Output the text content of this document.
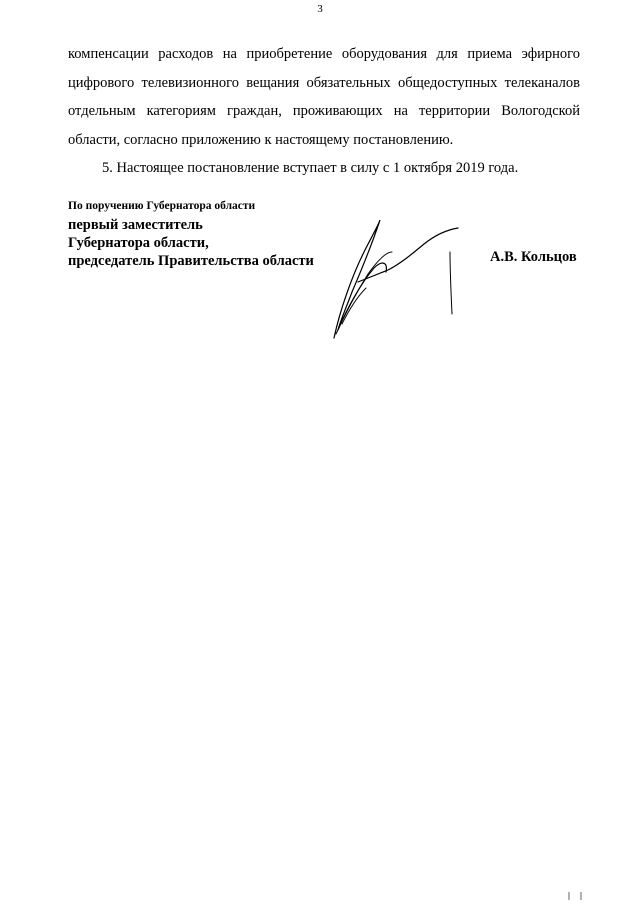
3

компенсации расходов на приобретение оборудования для приема эфирного
цифрового телевизионного вещания обязательных общедоступных телеканалов
отдельным категориям граждан, проживающих на территории Вологодской
области, согласно приложению к настоящему постановлению.

5. Настоящее постановление вступает в силу с 1 октября 2019 года.

По поручению Губернатора области
первый заместитель
Губернатора области,
председатель Правительства области	А.В. Кольцов
